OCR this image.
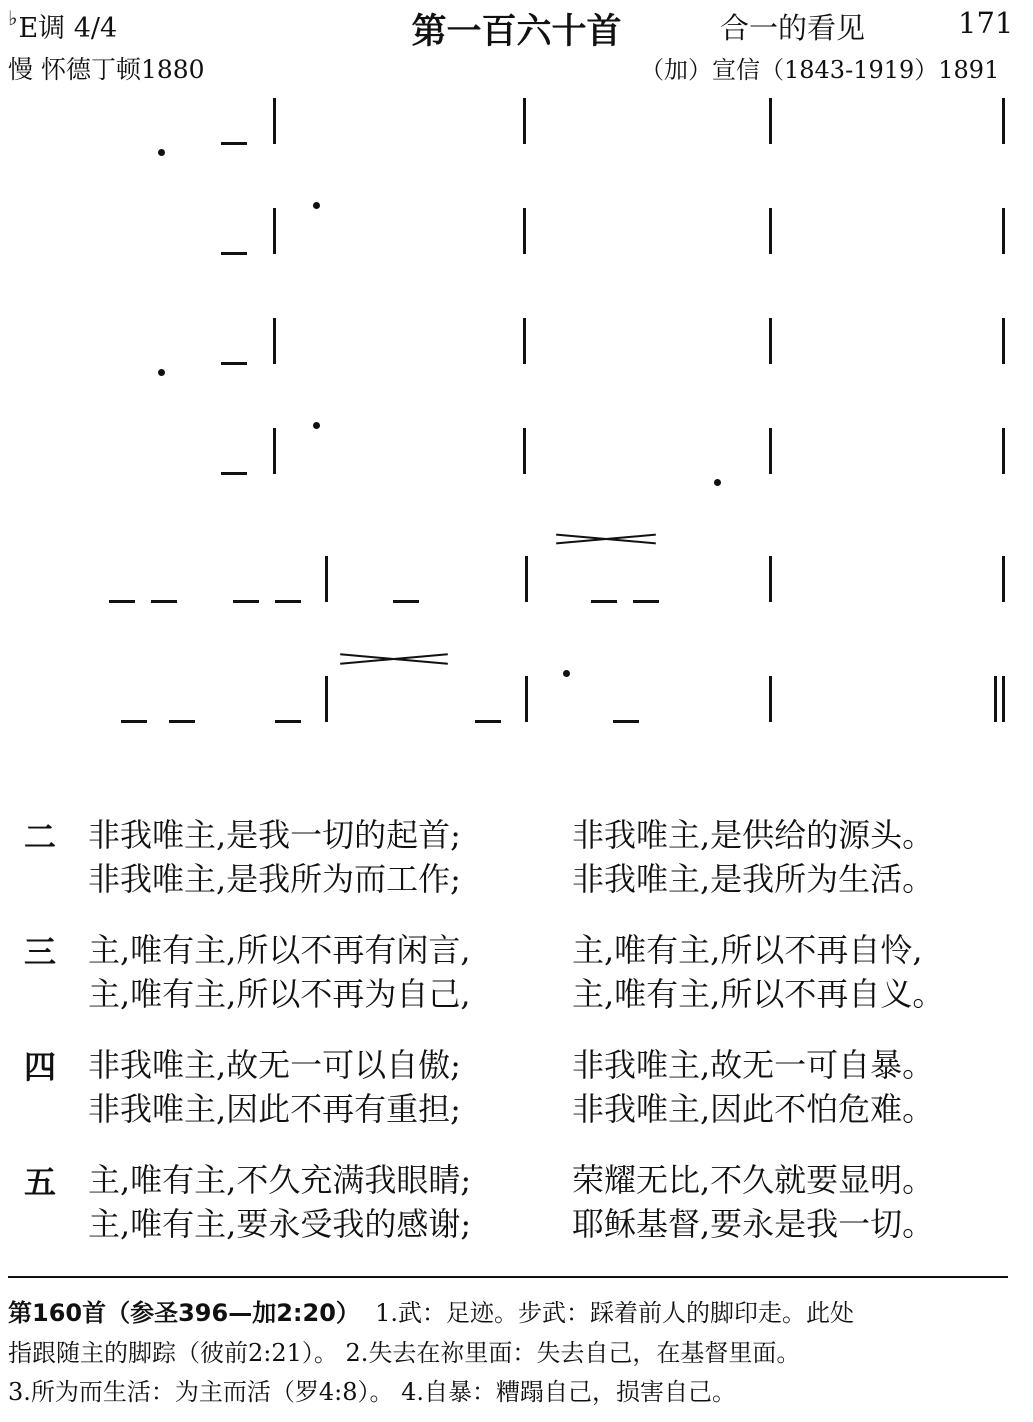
♭E调 4/4	第一百六十首	合一的看见	171
慢 怀德丁顿1880	（加）宣信（1843-1919）1891
二 非我唯主,是我一切的起首;	非我唯主,是供给的源头。
非我唯主,是我所为而工作;	非我唯主,是我所为生活。
三 主,唯有主,所以不再有闲言,	主,唯有主,所以不再自怜,
主,唯有主,所以不再为自己,	主,唯有主,所以不再自义。
四 非我唯主,故无一可以自傲;	非我唯主,故无一可自暴。
非我唯主,因此不再有重担;	非我唯主,因此不怕危难。
五 主,唯有主,不久充满我眼睛;	荣耀无比,不久就要显明。
主,唯有主,要永受我的感谢;	耶稣基督,要永是我一切。
第160首（参圣396—加2:20） 1.武：足迹。步武：踩着前人的脚印走。此处
指跟随主的脚踪（彼前2:21）。 2.失去在祢里面：失去自己，在基督里面。
3.所为而生活：为主而活（罗4:8）。 4.自暴：糟蹋自己，损害自己。
